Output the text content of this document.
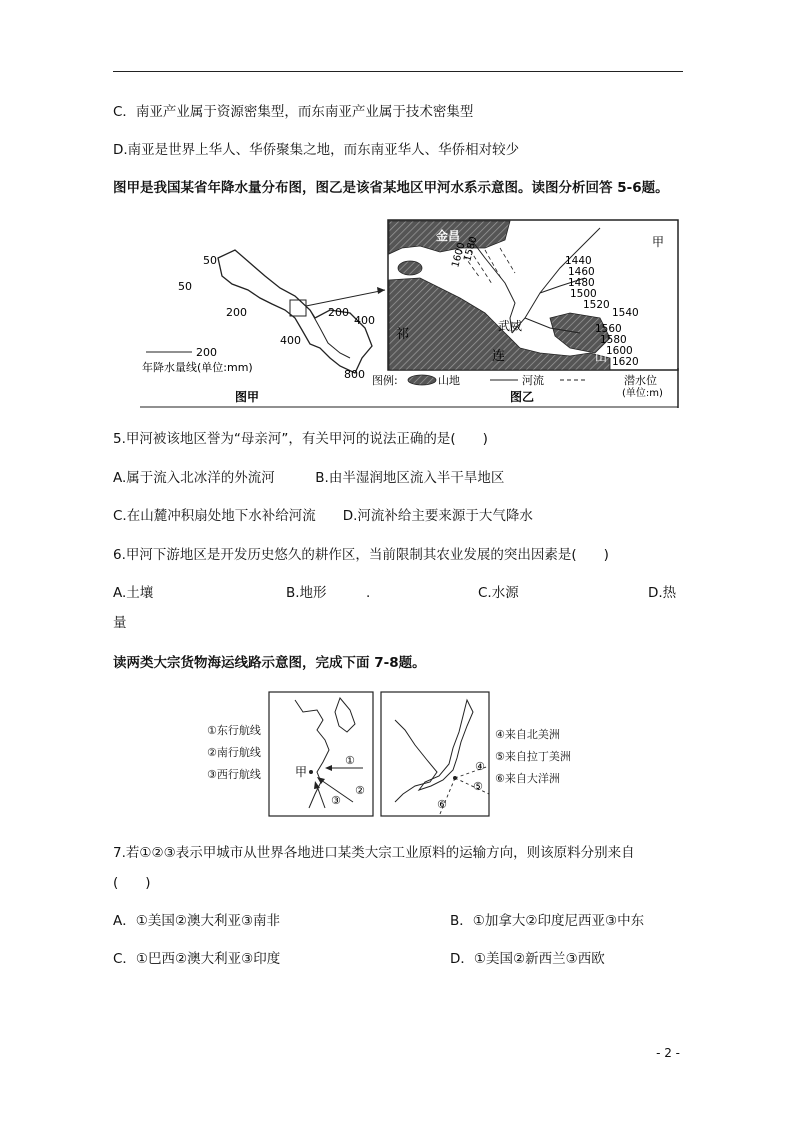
C．南亚产业属于资源密集型，而东南亚产业属于技术密集型
D.南亚是世界上华人、华侨聚集之地，而东南亚华人、华侨相对较少
图甲是我国某省年降水量分布图，图乙是该省某地区甲河水系示意图。读图分析回答 5-6题。
50
50
200	200
400
400
800
200
年降水量线(单位:mm)
图甲
金昌	甲
武威
祁
连	山
1580
1600	1440
1460
1480
1500
1520
1540
1560
1580
1600
1620
图例:	山地	河流	潜水位
(单位:m)
图乙
5.甲河被该地区誉为“母亲河”，有关甲河的说法正确的是(　　)
A.属于流入北冰洋的外流河　　　B.由半湿润地区流入半干旱地区
C.在山麓冲积扇处地下水补给河流　　D.河流补给主要来源于大气降水
6.甲河下游地区是开发历史悠久的耕作区，当前限制其农业发展的突出因素是(　　)
A.土壤	B.地形	.	C.水源	D.热
量
读两类大宗货物海运线路示意图，完成下面 7-8题。
①东行航线
②南行航线
③西行航线	甲
①
②
③
④
⑤
⑥
④来自北美洲
⑤来自拉丁美洲
⑥来自大洋洲
7.若①②③表示甲城市从世界各地进口某类大宗工业原料的运输方向，则该原料分别来自
(　　)
A．①美国②澳大利亚③南非	B．①加拿大②印度尼西亚③中东
C．①巴西②澳大利亚③印度	D．①美国②新西兰③西欧
- 2 -
